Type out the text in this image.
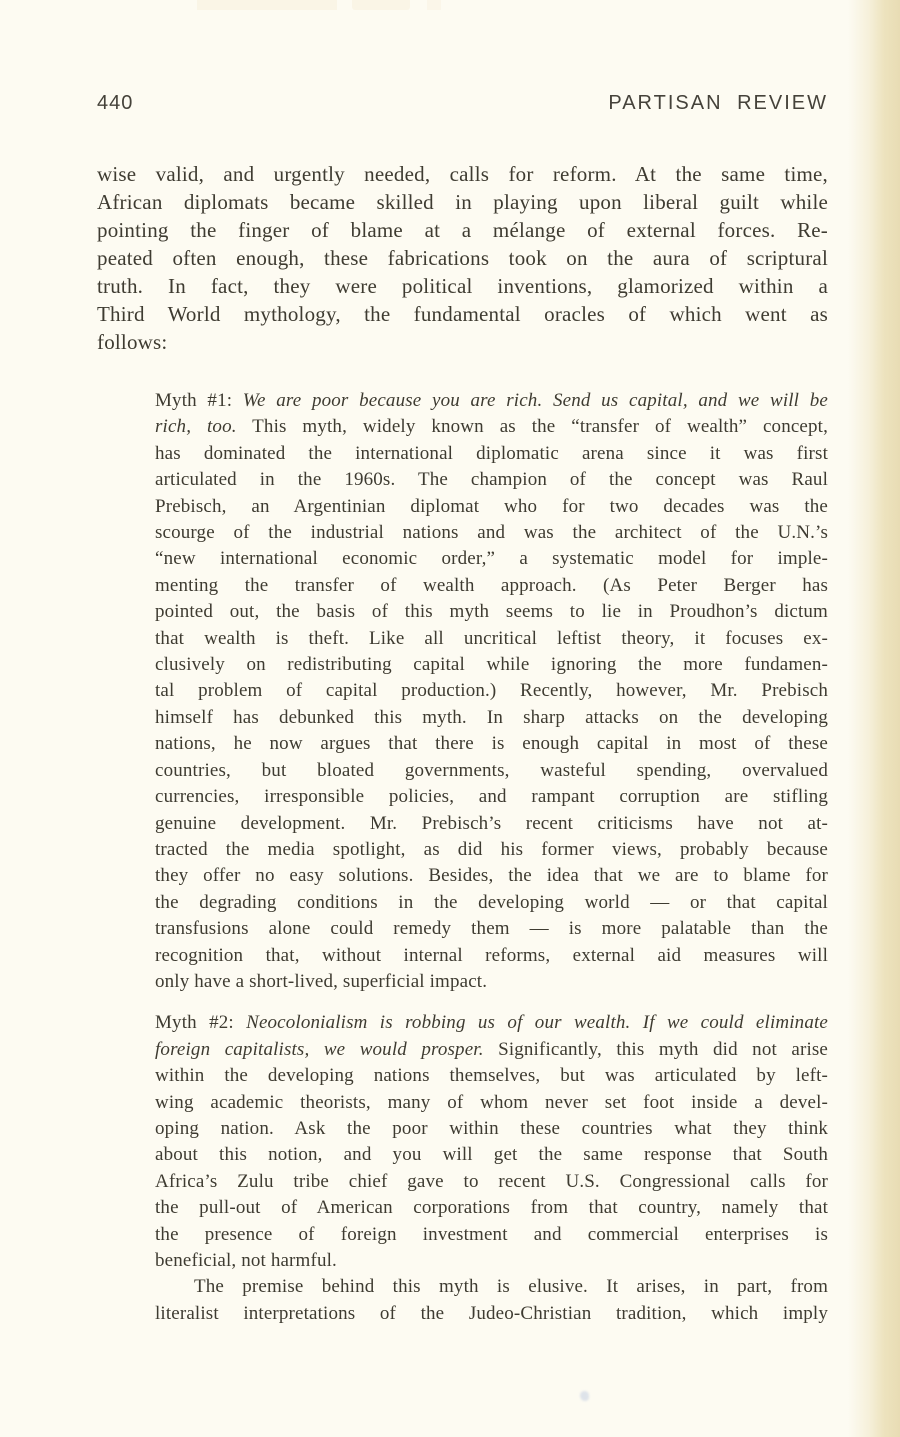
440	PARTISAN REVIEW
wise valid, and urgently needed, calls for reform. At the same time,
African diplomats became skilled in playing upon liberal guilt while
pointing the finger of blame at a mélange of external forces. Re-
peated often enough, these fabrications took on the aura of scriptural
truth. In fact, they were political inventions, glamorized within a
Third World mythology, the fundamental oracles of which went as
follows:
Myth #1: We are poor because you are rich. Send us capital, and we will be
rich, too. This myth, widely known as the “transfer of wealth” concept,
has dominated the international diplomatic arena since it was first
articulated in the 1960s. The champion of the concept was Raul
Prebisch, an Argentinian diplomat who for two decades was the
scourge of the industrial nations and was the architect of the U.N.’s
“new international economic order,” a systematic model for imple-
menting the transfer of wealth approach. (As Peter Berger has
pointed out, the basis of this myth seems to lie in Proudhon’s dictum
that wealth is theft. Like all uncritical leftist theory, it focuses ex-
clusively on redistributing capital while ignoring the more fundamen-
tal problem of capital production.) Recently, however, Mr. Prebisch
himself has debunked this myth. In sharp attacks on the developing
nations, he now argues that there is enough capital in most of these
countries, but bloated governments, wasteful spending, overvalued
currencies, irresponsible policies, and rampant corruption are stifling
genuine development. Mr. Prebisch’s recent criticisms have not at-
tracted the media spotlight, as did his former views, probably because
they offer no easy solutions. Besides, the idea that we are to blame for
the degrading conditions in the developing world — or that capital
transfusions alone could remedy them — is more palatable than the
recognition that, without internal reforms, external aid measures will
only have a short-lived, superficial impact.
Myth #2: Neocolonialism is robbing us of our wealth. If we could eliminate
foreign capitalists, we would prosper. Significantly, this myth did not arise
within the developing nations themselves, but was articulated by left-
wing academic theorists, many of whom never set foot inside a devel-
oping nation. Ask the poor within these countries what they think
about this notion, and you will get the same response that South
Africa’s Zulu tribe chief gave to recent U.S. Congressional calls for
the pull-out of American corporations from that country, namely that
the presence of foreign investment and commercial enterprises is
beneficial, not harmful.
The premise behind this myth is elusive. It arises, in part, from
literalist interpretations of the Judeo-Christian tradition, which imply
